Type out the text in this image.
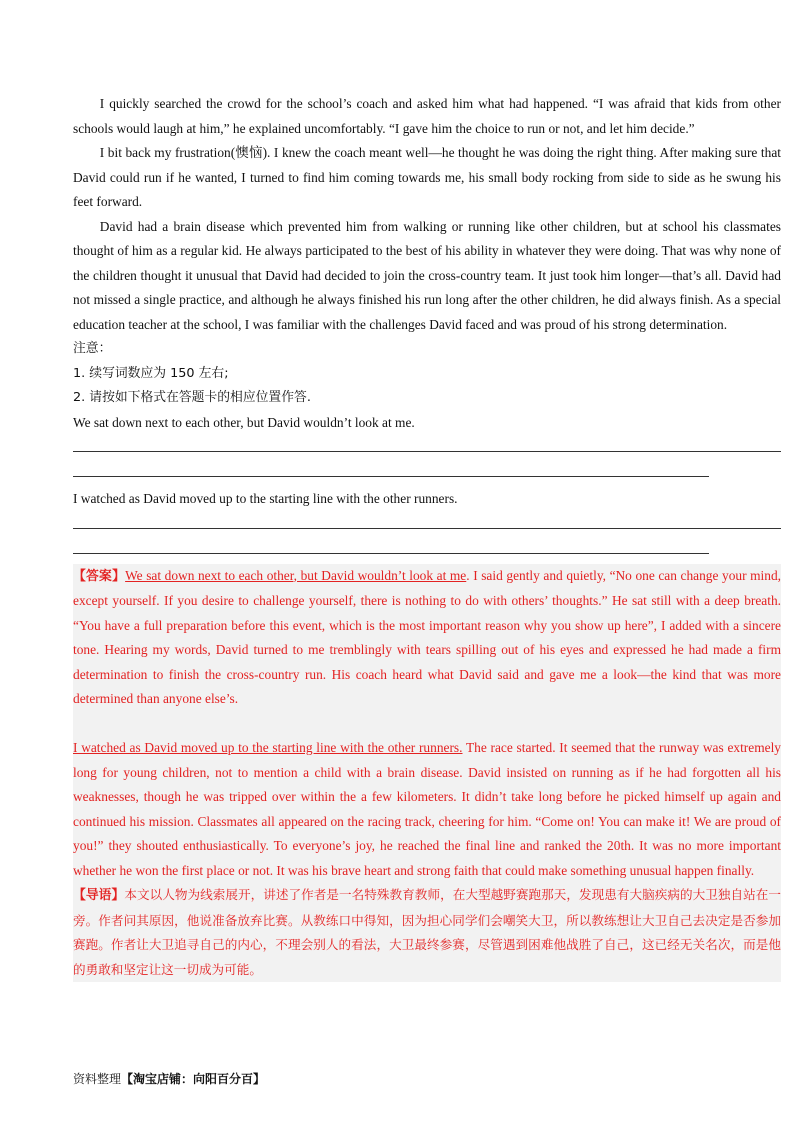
I quickly searched the crowd for the school’s coach and asked him what had happened. “I was afraid that kids from other schools would laugh at him,” he explained uncomfortably. “I gave him the choice to run or not, and let him decide.”

I bit back my frustration(懊恼). I knew the coach meant well—he thought he was doing the right thing. After making sure that David could run if he wanted, I turned to find him coming towards me, his small body rocking from side to side as he swung his feet forward.

David had a brain disease which prevented him from walking or running like other children, but at school his classmates thought of him as a regular kid. He always participated to the best of his ability in whatever they were doing. That was why none of the children thought it unusual that David had decided to join the cross-country team. It just took him longer—that’s all. David had not missed a single practice, and although he always finished his run long after the other children, he did always finish. As a special education teacher at the school, I was familiar with the challenges David faced and was proud of his strong determination.

注意：

1. 续写词数应为 150 左右;

2. 请按如下格式在答题卡的相应位置作答.

We sat down next to each other, but David wouldn’t look at me.

I watched as David moved up to the starting line with the other runners.

【答案】We sat down next to each other, but David wouldn’t look at me. I said gently and quietly, “No one can change your mind, except yourself. If you desire to challenge yourself, there is nothing to do with others’ thoughts.” He sat still with a deep breath. “You have a full preparation before this event, which is the most important reason why you show up here”, I added with a sincere tone. Hearing my words, David turned to me tremblingly with tears spilling out of his eyes and expressed he had made a firm determination to finish the cross-country run. His coach heard what David said and gave me a look—the kind that was more determined than anyone else’s.

I watched as David moved up to the starting line with the other runners. The race started. It seemed that the runway was extremely long for young children, not to mention a child with a brain disease. David insisted on running as if he had forgotten all his weaknesses, though he was tripped over within the a few kilometers. It didn’t take long before he picked himself up again and continued his mission. Classmates all appeared on the racing track, cheering for him. “Come on! You can make it! We are proud of you!” they shouted enthusiastically. To everyone’s joy, he reached the final line and ranked the 20th. It was no more important whether he won the first place or not. It was his brave heart and strong faith that could make something unusual happen finally.

【导语】本文以人物为线索展开，讲述了作者是一名特殊教育教师，在大型越野赛跑那天，发现患有大脑疾病的大卫独自站在一旁。作者问其原因，他说准备放弃比赛。从教练口中得知，因为担心同学们会嘲笑大卫，所以教练想让大卫自己去决定是否参加赛跑。作者让大卫追寻自己的内心，不理会别人的看法，大卫最终参赛，尽管遇到困难他战胜了自己，这已经无关名次，而是他的勇敢和坚定让这一切成为可能。

资料整理【淘宝店铺：向阳百分百】
